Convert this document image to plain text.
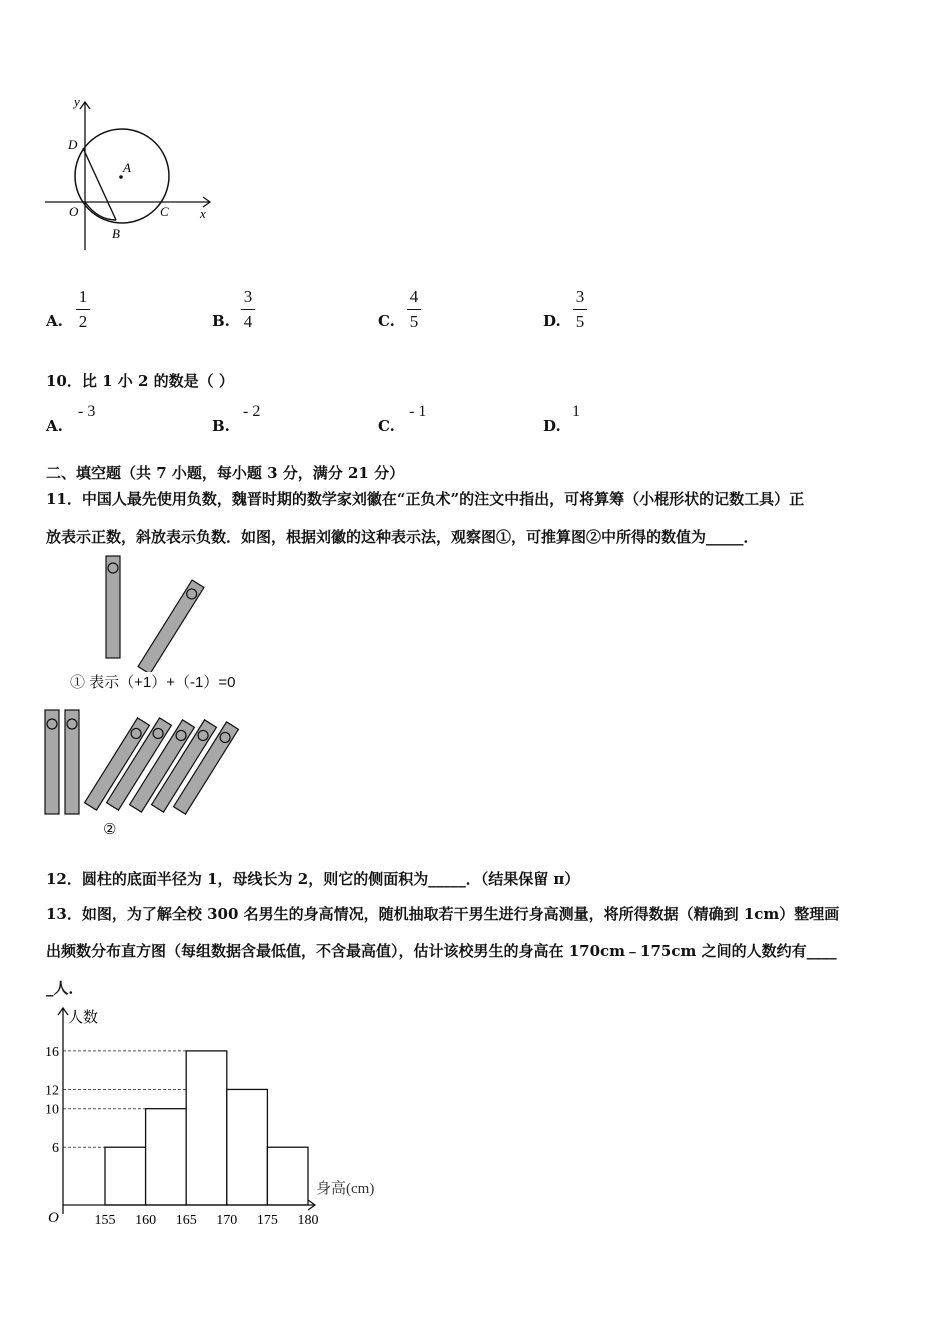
y
x
D
A
O	C
B
A.
1
2	B.
3
4	C.
4
5	D.
3
5
10．比 1 小 2 的数是（ ）
A.
- 3
B.
- 2
C.
- 1
D.
1
二、填空题（共 7 小题，每小题 3 分，满分 21 分）
11．中国人最先使用负数，魏晋时期的数学家刘徽在“正负术”的注文中指出，可将算筹（小棍形状的记数工具）正
放表示正数，斜放表示负数．如图，根据刘徽的这种表示法，观察图①，可推算图②中所得的数值为_____．
① 表示（+1）+（-1）=0
②
12．圆柱的底面半径为 1，母线长为 2，则它的侧面积为_____．（结果保留 π）
13．如图，为了解全校 300 名男生的身高情况，随机抽取若干男生进行身高测量，将所得数据（精确到 1cm）整理画
出频数分布直方图（每组数据含最低值，不含最高值），估计该校男生的身高在 170cm﹣175cm 之间的人数约有____
_人．
6
10
12
16
155 160 165 170 175 180
人数
身高(cm)
O
